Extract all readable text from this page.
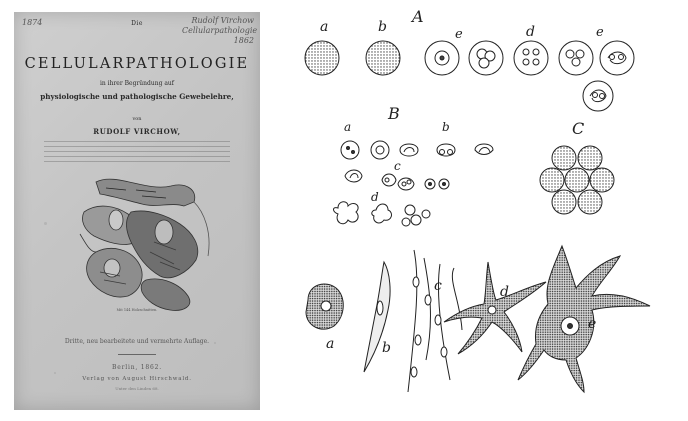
1874	Rudolf Virchow
Cellularpathologie
1862
Die
CELLULARPATHOLOGIE
in ihrer Begründung auf
physiologische und pathologische Gewebelehre,
von
RUDOLF VIRCHOW,
Mit 144 Holzschnitten.
Dritte, neu bearbeitete und vermehrte Auflage.
Berlin, 1862.
Verlag von August Hirschwald.
Unter den Linden 68.
A
a	b	e	d	e
B
a	b
c
d
C
a	b
c	d
e
